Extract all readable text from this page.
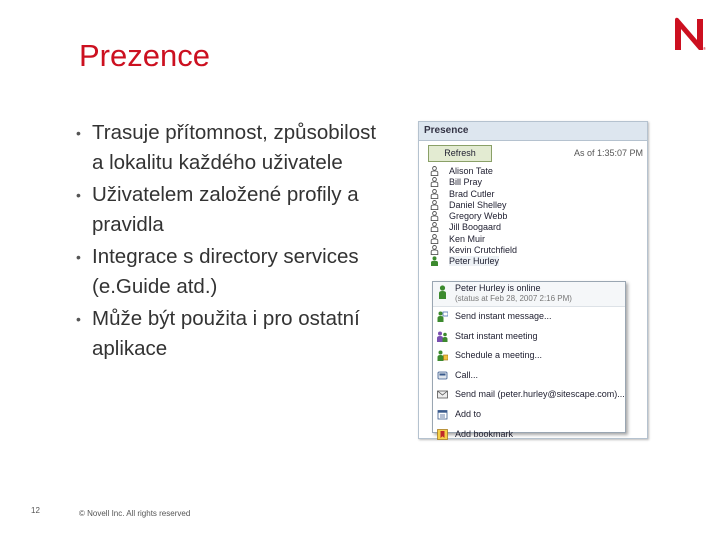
Prezence	®
• Trasuje přítomnost, způsobilost a lokalitu každého uživatele
• Uživatelem založené profily a pravidla
• Integrace s directory services (e.Guide atd.)
• Může být použita i pro ostatní aplikace
Presence
Refresh	As of 1:35:07 PM
Alison Tate
Bill Pray
Brad Cutler
Daniel Shelley
Gregory Webb
Jill Boogaard
Ken Muir
Kevin Crutchfield
Peter Hurley
Peter Hurley is online
(status at Feb 28, 2007 2:16 PM)
Send instant message...
Start instant meeting
Schedule a meeting...
Call...
Send mail (peter.hurley@sitescape.com)...
Add to
Add bookmark
12	© Novell Inc. All rights reserved
